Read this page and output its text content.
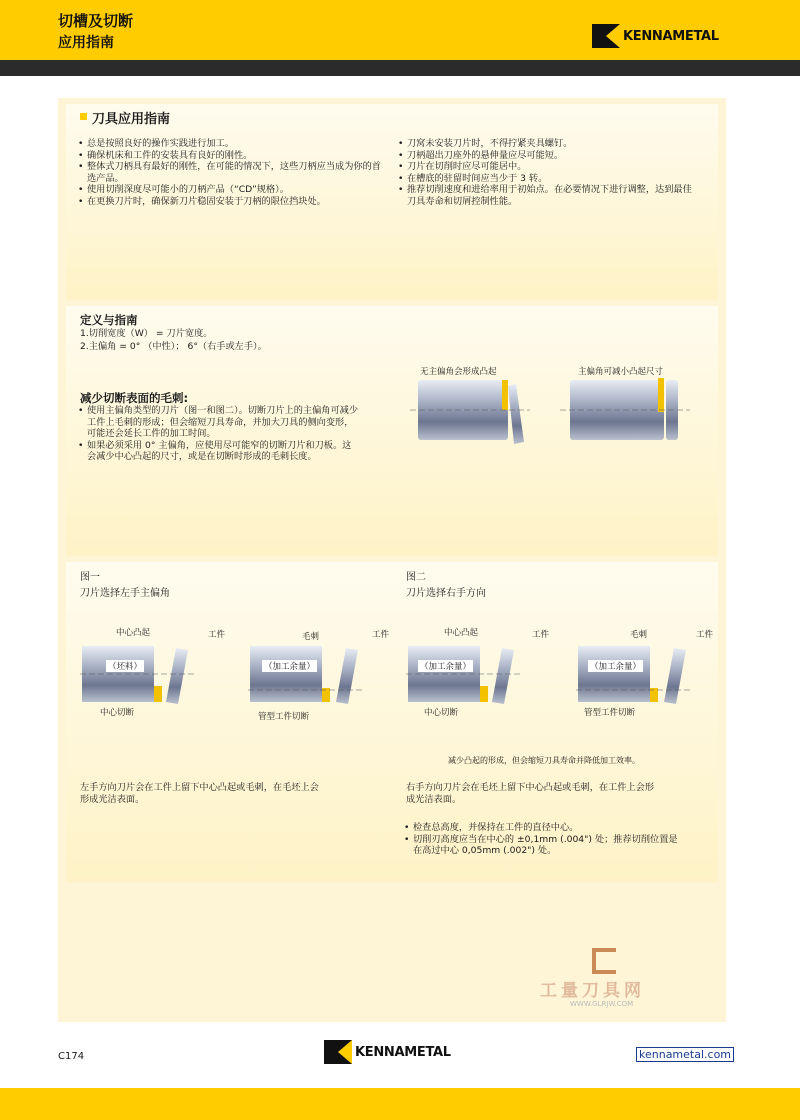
切槽及切断
应用指南	KENNAMETAL
刀具应用指南
• 总是按照良好的操作实践进行加工。
• 确保机床和工件的安装具有良好的刚性。
• 整体式刀柄具有最好的刚性，在可能的情况下，这些刀柄应当成为你的首选产品。
• 使用切削深度尽可能小的刀柄产品（“CD”规格）。
• 在更换刀片时，确保新刀片稳固安装于刀柄的限位挡块处。
• 刀窝未安装刀片时，不得拧紧夹具螺钉。
• 刀柄超出刀座外的悬伸量应尽可能短。
• 刀片在切削时应尽可能居中。
• 在槽底的驻留时间应当少于 3 转。
• 推荐切削速度和进给率用于初始点。在必要情况下进行调整，达到最佳刀具寿命和切屑控制性能。
定义与指南
1.切削宽度（W） = 刀片宽度。
2.主偏角 = 0° （中性）； 6°（右手或左手）。
减少切断表面的毛刺:
• 使用主偏角类型的刀片（图一和图二）。切断刀片上的主偏角可减少工件上毛刺的形成；但会缩短刀具寿命，并加大刀具的侧向变形，可能还会延长工件的加工时间。
• 如果必须采用 0° 主偏角，应使用尽可能窄的切断刀片和刀板。这会减少中心凸起的尺寸，或是在切断时形成的毛刺长度。
无主偏角会形成凸起	主偏角可减小凸起尺寸
图一
刀片选择左手主偏角
图二
刀片选择右手方向
中心凸起	工件
（坯料）
中心切断
毛刺	工件
（加工余量）
管型工件切断
中心凸起	工件
（加工余量）
中心切断
毛刺	工件
（加工余量）
管型工件切断
减少凸起的形成，但会缩短刀具寿命并降低加工效率。
左手方向刀片会在工件上留下中心凸起或毛刺，在毛坯上会形成光洁表面。
右手方向刀片会在毛坯上留下中心凸起或毛刺，在工件上会形成光洁表面。
• 检查总高度，并保持在工件的直径中心。
• 切削刃高度应当在中心的 ±0,1mm (.004") 处；推荐切削位置是在高过中心 0,05mm (.002") 处。
工量刀具网
WWW.GLRJW.COM
C174	KENNAMETAL	kennametal.com
